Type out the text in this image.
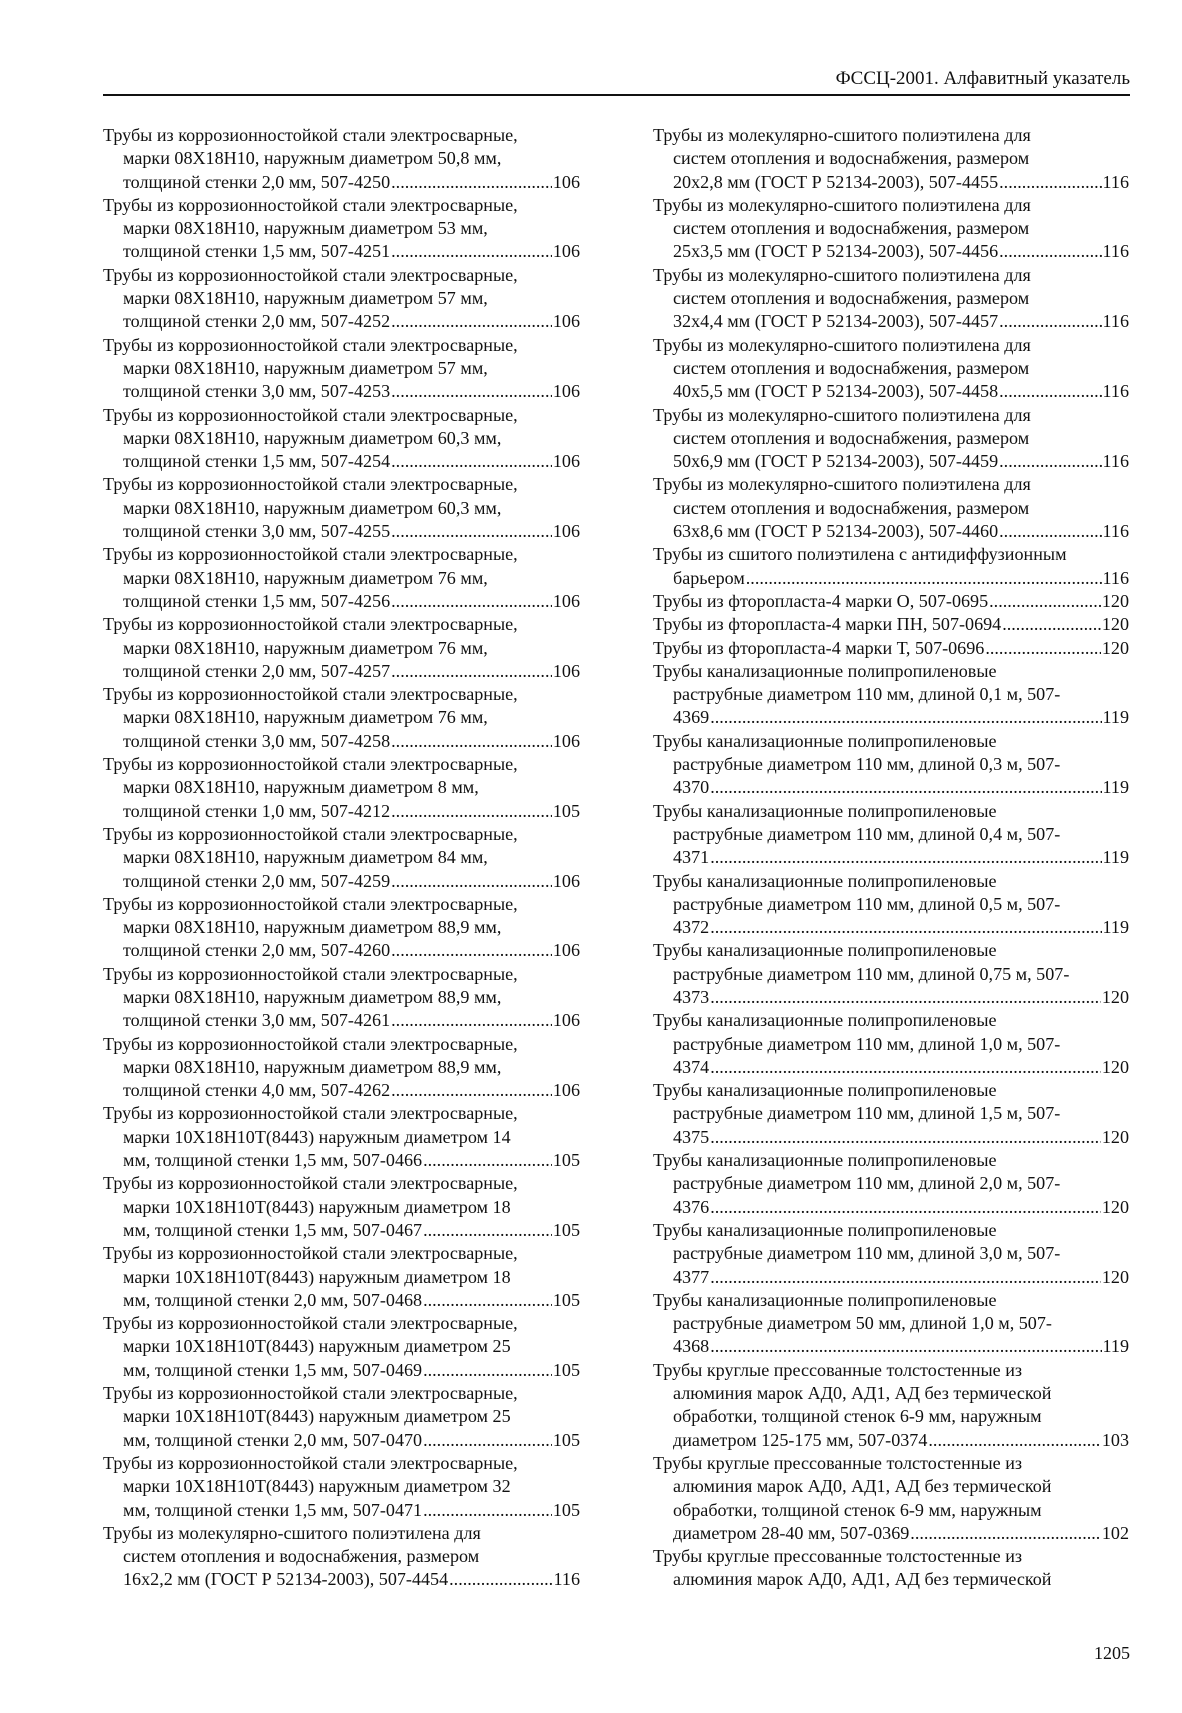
ФССЦ-2001. Алфавитный указатель
Трубы из коррозионностойкой стали электросварные,
марки 08Х18Н10, наружным диаметром 50,8 мм,
толщиной стенки 2,0 мм, 507-4250 .....	106
Трубы из коррозионностойкой стали электросварные,
марки 08Х18Н10, наружным диаметром 53 мм,
толщиной стенки 1,5 мм, 507-4251 .....	106
Трубы из коррозионностойкой стали электросварные,
марки 08Х18Н10, наружным диаметром 57 мм,
толщиной стенки 2,0 мм, 507-4252 .....	106
Трубы из коррозионностойкой стали электросварные,
марки 08Х18Н10, наружным диаметром 57 мм,
толщиной стенки 3,0 мм, 507-4253 .....	106
Трубы из коррозионностойкой стали электросварные,
марки 08Х18Н10, наружным диаметром 60,3 мм,
толщиной стенки 1,5 мм, 507-4254 .....	106
Трубы из коррозионностойкой стали электросварные,
марки 08Х18Н10, наружным диаметром 60,3 мм,
толщиной стенки 3,0 мм, 507-4255 .....	106
Трубы из коррозионностойкой стали электросварные,
марки 08Х18Н10, наружным диаметром 76 мм,
толщиной стенки 1,5 мм, 507-4256 .....	106
Трубы из коррозионностойкой стали электросварные,
марки 08Х18Н10, наружным диаметром 76 мм,
толщиной стенки 2,0 мм, 507-4257 .....	106
Трубы из коррозионностойкой стали электросварные,
марки 08Х18Н10, наружным диаметром 76 мм,
толщиной стенки 3,0 мм, 507-4258 .....	106
Трубы из коррозионностойкой стали электросварные,
марки 08Х18Н10, наружным диаметром 8 мм,
толщиной стенки 1,0 мм, 507-4212 .....	105
Трубы из коррозионностойкой стали электросварные,
марки 08Х18Н10, наружным диаметром 84 мм,
толщиной стенки 2,0 мм, 507-4259 .....	106
Трубы из коррозионностойкой стали электросварные,
марки 08Х18Н10, наружным диаметром 88,9 мм,
толщиной стенки 2,0 мм, 507-4260 .....	106
Трубы из коррозионностойкой стали электросварные,
марки 08Х18Н10, наружным диаметром 88,9 мм,
толщиной стенки 3,0 мм, 507-4261 .....	106
Трубы из коррозионностойкой стали электросварные,
марки 08Х18Н10, наружным диаметром 88,9 мм,
толщиной стенки 4,0 мм, 507-4262 .....	106
Трубы из коррозионностойкой стали электросварные,
марки 10Х18Н10Т(8443) наружным диаметром 14
мм, толщиной стенки 1,5 мм, 507-0466 .....	105
Трубы из коррозионностойкой стали электросварные,
марки 10Х18Н10Т(8443) наружным диаметром 18
мм, толщиной стенки 1,5 мм, 507-0467 .....	105
Трубы из коррозионностойкой стали электросварные,
марки 10Х18Н10Т(8443) наружным диаметром 18
мм, толщиной стенки 2,0 мм, 507-0468 .....	105
Трубы из коррозионностойкой стали электросварные,
марки 10Х18Н10Т(8443) наружным диаметром 25
мм, толщиной стенки 1,5 мм, 507-0469 .....	105
Трубы из коррозионностойкой стали электросварные,
марки 10Х18Н10Т(8443) наружным диаметром 25
мм, толщиной стенки 2,0 мм, 507-0470 .....	105
Трубы из коррозионностойкой стали электросварные,
марки 10Х18Н10Т(8443) наружным диаметром 32
мм, толщиной стенки 1,5 мм, 507-0471 .....	105
Трубы из молекулярно-сшитого полиэтилена для
систем отопления и водоснабжения, размером
16х2,2 мм (ГОСТ Р 52134-2003), 507-4454 .....	116
Трубы из молекулярно-сшитого полиэтилена для
систем отопления и водоснабжения, размером
20х2,8 мм (ГОСТ Р 52134-2003), 507-4455 .....	116
Трубы из молекулярно-сшитого полиэтилена для
систем отопления и водоснабжения, размером
25х3,5 мм (ГОСТ Р 52134-2003), 507-4456 .....	116
Трубы из молекулярно-сшитого полиэтилена для
систем отопления и водоснабжения, размером
32х4,4 мм (ГОСТ Р 52134-2003), 507-4457 .....	116
Трубы из молекулярно-сшитого полиэтилена для
систем отопления и водоснабжения, размером
40х5,5 мм (ГОСТ Р 52134-2003), 507-4458 .....	116
Трубы из молекулярно-сшитого полиэтилена для
систем отопления и водоснабжения, размером
50х6,9 мм (ГОСТ Р 52134-2003), 507-4459 .....	116
Трубы из молекулярно-сшитого полиэтилена для
систем отопления и водоснабжения, размером
63х8,6 мм (ГОСТ Р 52134-2003), 507-4460 .....	116
Трубы из сшитого полиэтилена с антидиффузионным
барьером .....	116
Трубы из фторопласта-4 марки О, 507-0695 .....	120
Трубы из фторопласта-4 марки ПН, 507-0694 .....	120
Трубы из фторопласта-4 марки Т, 507-0696 .....	120
Трубы канализационные полипропиленовые
раструбные диаметром 110 мм, длиной 0,1 м, 507-
4369 .....	119
Трубы канализационные полипропиленовые
раструбные диаметром 110 мм, длиной 0,3 м, 507-
4370 .....	119
Трубы канализационные полипропиленовые
раструбные диаметром 110 мм, длиной 0,4 м, 507-
4371 .....	119
Трубы канализационные полипропиленовые
раструбные диаметром 110 мм, длиной 0,5 м, 507-
4372 .....	119
Трубы канализационные полипропиленовые
раструбные диаметром 110 мм, длиной 0,75 м, 507-
4373 .....	120
Трубы канализационные полипропиленовые
раструбные диаметром 110 мм, длиной 1,0 м, 507-
4374 .....	120
Трубы канализационные полипропиленовые
раструбные диаметром 110 мм, длиной 1,5 м, 507-
4375 .....	120
Трубы канализационные полипропиленовые
раструбные диаметром 110 мм, длиной 2,0 м, 507-
4376 .....	120
Трубы канализационные полипропиленовые
раструбные диаметром 110 мм, длиной 3,0 м, 507-
4377 .....	120
Трубы канализационные полипропиленовые
раструбные диаметром 50 мм, длиной 1,0 м, 507-
4368 .....	119
Трубы круглые прессованные толстостенные из
алюминия марок АД0, АД1, АД без термической
обработки, толщиной стенок 6-9 мм, наружным
диаметром 125-175 мм, 507-0374 .....	103
Трубы круглые прессованные толстостенные из
алюминия марок АД0, АД1, АД без термической
обработки, толщиной стенок 6-9 мм, наружным
диаметром 28-40 мм, 507-0369 .....	102
Трубы круглые прессованные толстостенные из
алюминия марок АД0, АД1, АД без термической
1205
